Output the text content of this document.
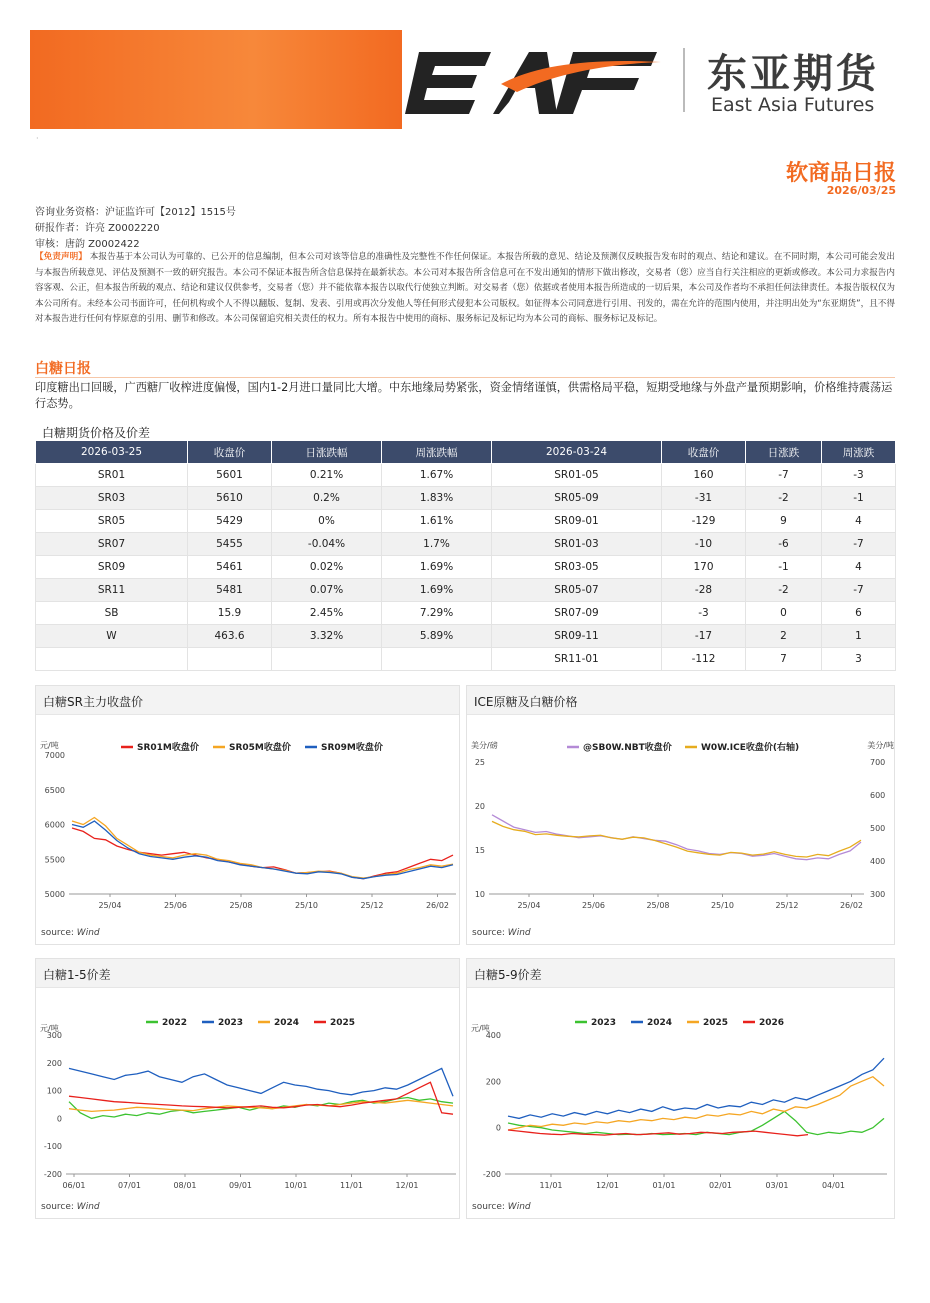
东亚期货
East Asia Futures
·
软商品日报
2026/03/25
咨询业务资格：沪证监许可【2012】1515号
研报作者：许亮 Z0002220
审核：唐韵 Z0002422
【免责声明】 本报告基于本公司认为可靠的、已公开的信息编制，但本公司对该等信息的准确性及完整性不作任何保证。本报告所载的意见、结论及预测仅反映报告发布时的观点、结论和建议。在不同时期，本公司可能会发出与本报告所载意见、评估及预测不一致的研究报告。本公司不保证本报告所含信息保持在最新状态。本公司对本报告所含信息可在不发出通知的情形下做出修改，交易者（您）应当自行关注相应的更新或修改。本公司力求报告内容客观、公正，但本报告所载的观点、结论和建议仅供参考，交易者（您）并不能依靠本报告以取代行使独立判断。对交易者（您）依据或者使用本报告所造成的一切后果，本公司及作者均不承担任何法律责任。本报告版权仅为本公司所有。未经本公司书面许可，任何机构或个人不得以翻版、复制、发表、引用或再次分发他人等任何形式侵犯本公司版权。如征得本公司同意进行引用、刊发的，需在允许的范围内使用，并注明出处为“东亚期货”，且不得对本报告进行任何有悖原意的引用、删节和修改。本公司保留追究相关责任的权力。所有本报告中使用的商标、服务标记及标记均为本公司的商标、服务标记及标记。
白糖日报
印度糖出口回暖，广西糖厂收榨进度偏慢，国内1-2月进口量同比大增。中东地缘局势紧张，资金情绪谨慎，供需格局平稳，短期受地缘与外盘产量预期影响，价格维持震荡运行态势。
白糖期货价格及价差
2026-03-25	收盘价	日涨跌幅	周涨跌幅	2026-03-24	收盘价	日涨跌	周涨跌
SR01	5601	0.21%	1.67%	SR01-05	160	-7	-3
SR03	5610	0.2%	1.83%	SR05-09	-31	-2	-1
SR05	5429	0%	1.61%	SR09-01	-129	9	4
SR07	5455	-0.04%	1.7%	SR01-03	-10	-6	-7
SR09	5461	0.02%	1.69%	SR03-05	170	-1	4
SR11	5481	0.07%	1.69%	SR05-07	-28	-2	-7
SB	15.9	2.45%	7.29%	SR07-09	-3	0	6
W	463.6	3.32%	5.89%	SR09-11	-17	2	1
				SR11-01	-112	7	3
白糖SR主力收盘价
元/吨
7000
6500
6000
5500
5000
25/04	25/06	25/08	25/10	25/12	26/02
SR01M收盘价	SR05M收盘价	SR09M收盘价
source: Wind
ICE原糖及白糖价格
美分/磅	美分/吨
25
20
15
10
700
600
500
400
300
25/04	25/06	25/08	25/10	25/12	26/02
@SB0W.NBT收盘价	W0W.ICE收盘价(右轴)
source: Wind
白糖1-5价差
元/吨
300
200
100
0
-100
-200
06/01	07/01	08/01	09/01	10/01	11/01	12/01
2022	2023	2024	2025
source: Wind
白糖5-9价差
元/吨
400
200
0
-200
11/01	12/01	01/01	02/01	03/01	04/01
2023	2024	2025	2026
source: Wind
